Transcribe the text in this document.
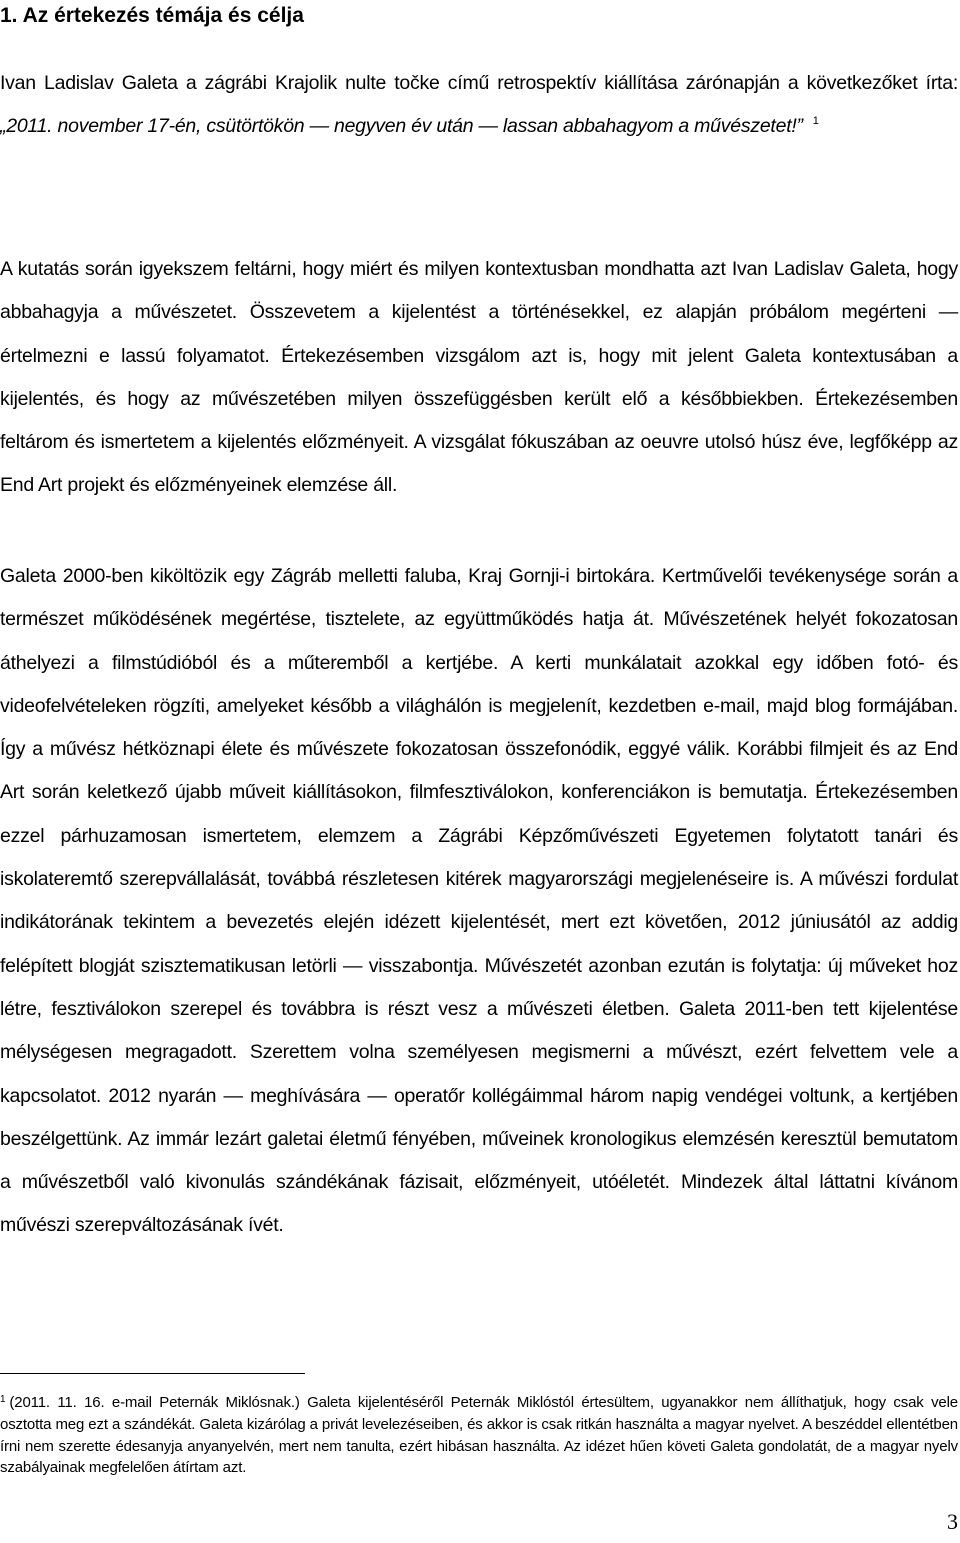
1. Az értekezés témája és célja

Ivan Ladislav Galeta a zágrábi Krajolik nulte točke című retrospektív kiállítása zárónapján a következőket írta: „2011. november 17-én, csütörtökön ― negyven év után ― lassan abbahagyom a művészetet!” $^1$

A kutatás során igyekszem feltárni, hogy miért és milyen kontextusban mondhatta azt Ivan Ladislav Galeta, hogy abbahagyja a művészetet. Összevetem a kijelentést a történésekkel, ez alapján próbálom megérteni ― értelmezni e lassú folyamatot. Értekezésemben vizsgálom azt is, hogy mit jelent Galeta kontextusában a kijelentés, és hogy az művészetében milyen összefüggésben került elő a későbbiekben. Értekezésemben feltárom és ismertetem a kijelentés előzményeit. A vizsgálat fókuszában az oeuvre utolsó húsz éve, legfőképp az End Art projekt és előzményeinek elemzése áll.

Galeta 2000-ben kiköltözik egy Zágráb melletti faluba, Kraj Gornji-i birtokára. Kertművelői tevékenysége során a természet működésének megértése, tisztelete, az együttműködés hatja át. Művészetének helyét fokozatosan áthelyezi a filmstúdióból és a műteremből a kertjébe. A kerti munkálatait azokkal egy időben fotó- és videofelvételeken rögzíti, amelyeket később a világhálón is megjelenít, kezdetben e-mail, majd blog formájában. Így a művész hétköznapi élete és művészete fokozatosan összefonódik, eggyé válik. Korábbi filmjeit és az End Art során keletkező újabb műveit kiállításokon, filmfesztiválokon, konferenciákon is bemutatja. Értekezésemben ezzel párhuzamosan ismertetem, elemzem a Zágrábi Képzőművészeti Egyetemen folytatott tanári és iskolateremtő szerepvállalását, továbbá részletesen kitérek magyarországi megjelenéseire is. A művészi fordulat indikátorának tekintem a bevezetés elején idézett kijelentését, mert ezt követően, 2012 júniusától az addig felépített blogját szisztematikusan letörli ― visszabontja. Művészetét azonban ezután is folytatja: új műveket hoz létre, fesztiválokon szerepel és továbbra is részt vesz a művészeti életben. Galeta 2011-ben tett kijelentése mélységesen megragadott. Szerettem volna személyesen megismerni a művészt, ezért felvettem vele a kapcsolatot. 2012 nyarán ― meghívására ― operatőr kollégáimmal három napig vendégei voltunk, a kertjében beszélgettünk. Az immár lezárt galetai életmű fényében, műveinek kronologikus elemzésén keresztül bemutatom a művészetből való kivonulás szándékának fázisait, előzményeit, utóéletét. Mindezek által láttatni kívánom művészi szerepváltozásának ívét.

$^1$ (2011. 11. 16. e-mail Peternák Miklósnak.) Galeta kijelentéséről Peternák Miklóstól értesültem, ugyanakkor nem állíthatjuk, hogy csak vele osztotta meg ezt a szándékát. Galeta kizárólag a privát levelezéseiben, és akkor is csak ritkán használta a magyar nyelvet. A beszéddel ellentétben írni nem szerette édesanyja anyanyelvén, mert nem tanulta, ezért hibásan használta. Az idézet hűen követi Galeta gondolatát, de a magyar nyelv szabályainak megfelelően átírtam azt.

3
